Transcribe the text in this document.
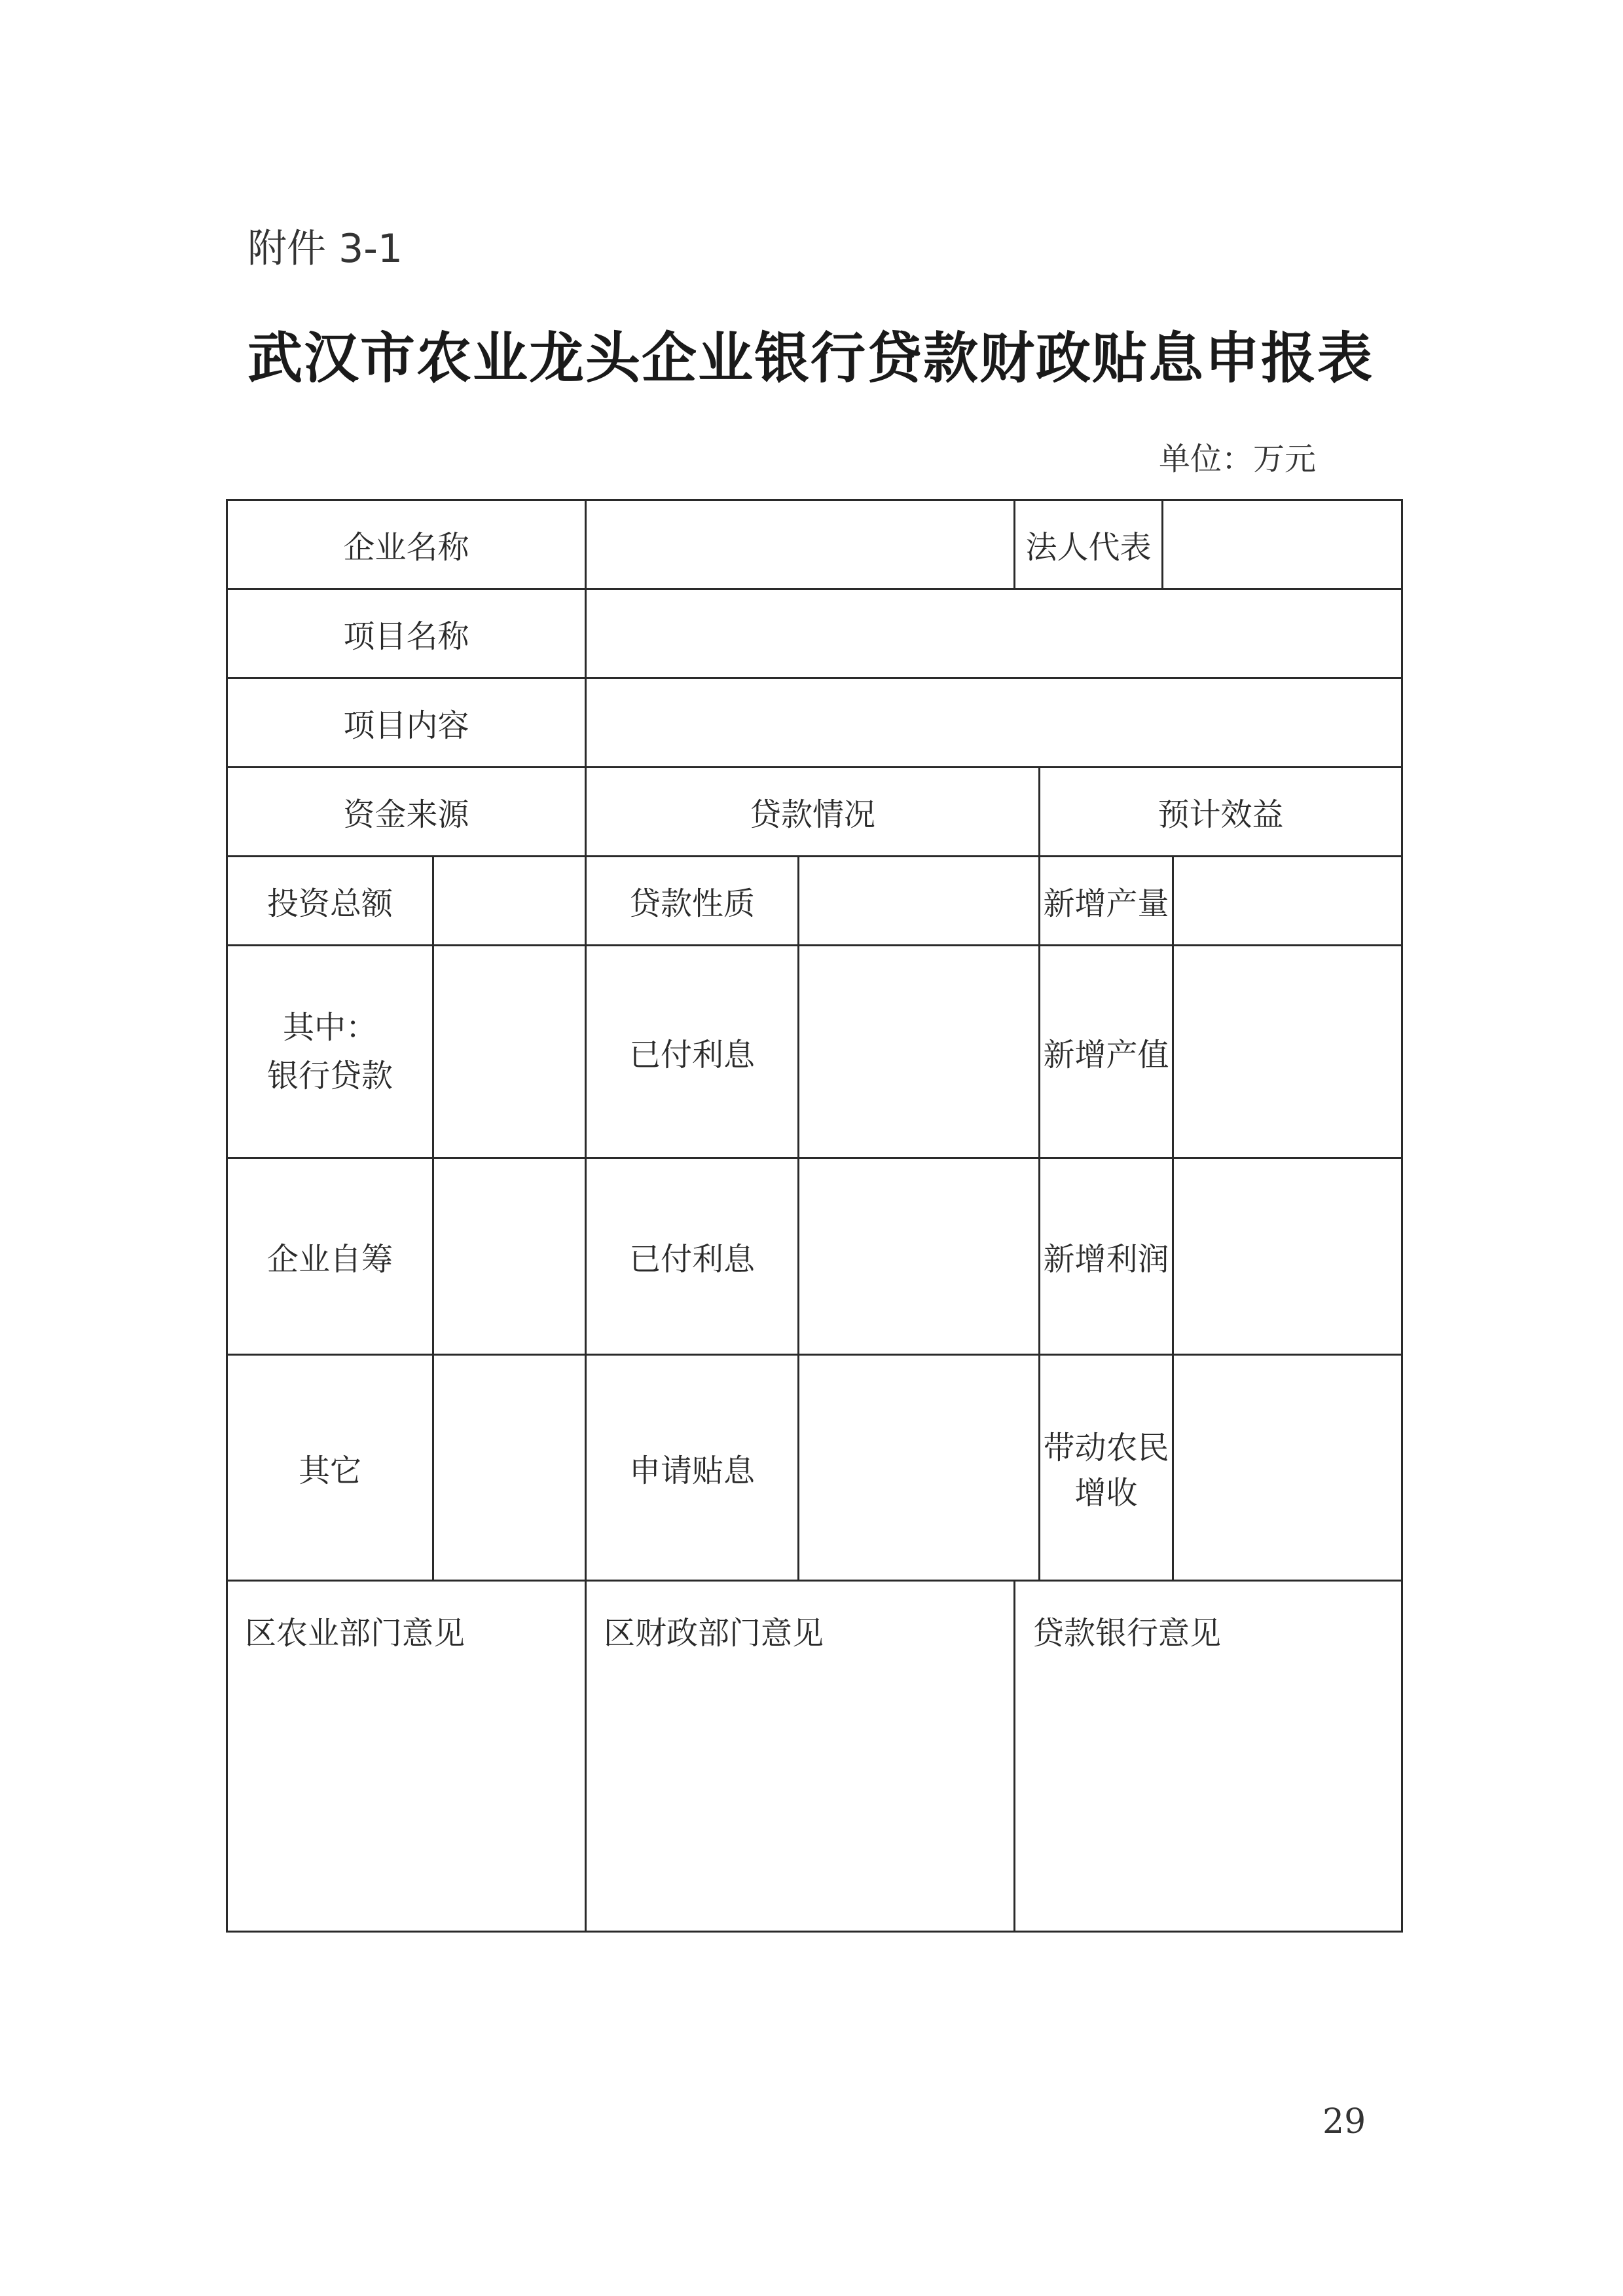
附件 3-1
武汉市农业龙头企业银行贷款财政贴息申报表
单位：万元
企业名称				法人代表			
项目名称							
项目内容							
资金来源		贷款情况			预计效益		
投资总额		贷款性质			新增产量		

其中：
银行贷款		已付利息			新增产值		
企业自筹		已付利息			新增利润		
其它		申请贴息			带动农民增收		
区农业部门意见		区财政部门意见		贷款银行意见			
29
